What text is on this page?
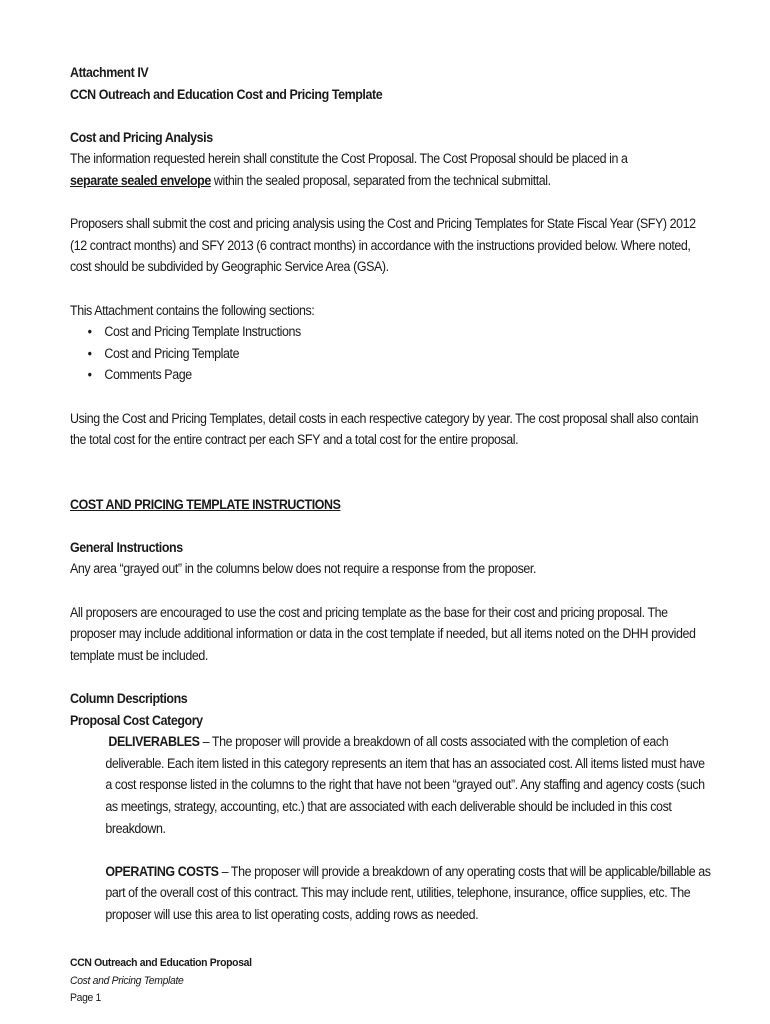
Attachment IV

CCN Outreach and Education Cost and Pricing Template

Cost and Pricing Analysis

The information requested herein shall constitute the Cost Proposal. The Cost Proposal should be placed in a
separate sealed envelope within the sealed proposal, separated from the technical submittal.

Proposers shall submit the cost and pricing analysis using the Cost and Pricing Templates for State Fiscal Year (SFY) 2012 (12 contract months) and SFY 2013 (6 contract months) in accordance with the instructions provided below. Where noted, cost should be subdivided by Geographic Service Area (GSA).

This Attachment contains the following sections:

• Cost and Pricing Template Instructions
• Cost and Pricing Template
• Comments Page

Using the Cost and Pricing Templates, detail costs in each respective category by year. The cost proposal shall also contain the total cost for the entire contract per each SFY and a total cost for the entire proposal.

COST AND PRICING TEMPLATE INSTRUCTIONS

General Instructions

Any area “grayed out” in the columns below does not require a response from the proposer.

All proposers are encouraged to use the cost and pricing template as the base for their cost and pricing proposal. The proposer may include additional information or data in the cost template if needed, but all items noted on the DHH provided template must be included.

Column Descriptions

Proposal Cost Category

DELIVERABLES – The proposer will provide a breakdown of all costs associated with the completion of each deliverable. Each item listed in this category represents an item that has an associated cost. All items listed must have a cost response listed in the columns to the right that have not been “grayed out”. Any staffing and agency costs (such as meetings, strategy, accounting, etc.) that are associated with each deliverable should be included in this cost breakdown.

OPERATING COSTS – The proposer will provide a breakdown of any operating costs that will be applicable/billable as part of the overall cost of this contract. This may include rent, utilities, telephone, insurance, office supplies, etc. The proposer will use this area to list operating costs, adding rows as needed.

CCN Outreach and Education Proposal
Cost and Pricing Template
Page 1
